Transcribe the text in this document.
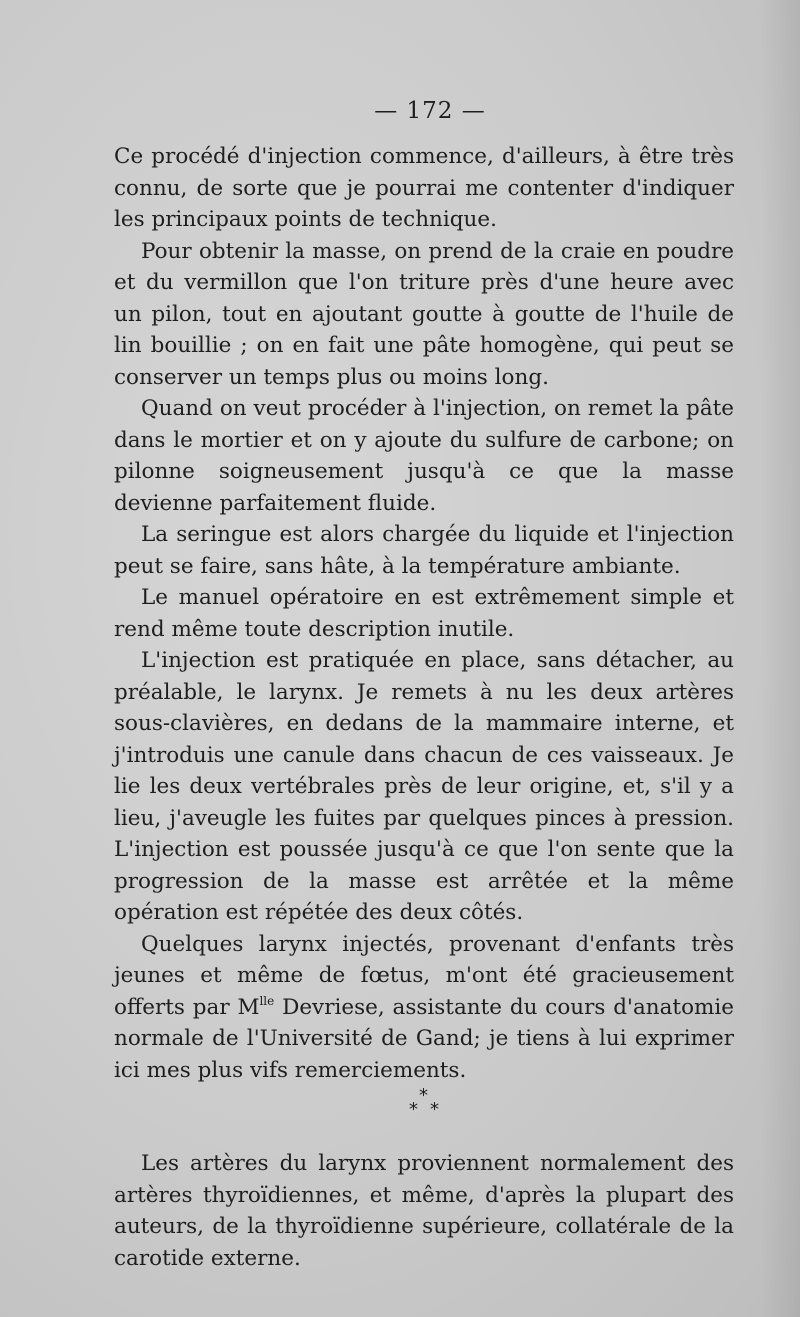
— 172 —

Ce procédé d'injection commence, d'ailleurs, à être très connu, de sorte que je pourrai me contenter d'indiquer les principaux points de technique.

Pour obtenir la masse, on prend de la craie en poudre et du vermillon que l'on triture près d'une heure avec un pilon, tout en ajoutant goutte à goutte de l'huile de lin bouillie ; on en fait une pâte homogène, qui peut se conserver un temps plus ou moins long.

Quand on veut procéder à l'injection, on remet la pâte dans le mortier et on y ajoute du sulfure de carbone; on pilonne soigneusement jusqu'à ce que la masse devienne parfaitement fluide.

La seringue est alors chargée du liquide et l'injection peut se faire, sans hâte, à la température ambiante.

Le manuel opératoire en est extrêmement simple et rend même toute description inutile.

L'injection est pratiquée en place, sans détacher, au préalable, le larynx. Je remets à nu les deux artères sous-clavières, en dedans de la mammaire interne, et j'introduis une canule dans chacun de ces vaisseaux. Je lie les deux vertébrales près de leur origine, et, s'il y a lieu, j'aveugle les fuites par quelques pinces à pression. L'injection est poussée jusqu'à ce que l'on sente que la progression de la masse est arrêtée et la même opération est répétée des deux côtés.

Quelques larynx injectés, provenant d'enfants très jeunes et même de fœtus, m'ont été gracieusement offerts par $M^{lle}$ Devriese, assistante du cours d'anatomie normale de l'Université de Gand; je tiens à lui exprimer ici mes plus vifs remerciements.

*
* *

Les artères du larynx proviennent normalement des artères thyroïdiennes, et même, d'après la plupart des auteurs, de la thyroïdienne supérieure, collatérale de la carotide externe.
